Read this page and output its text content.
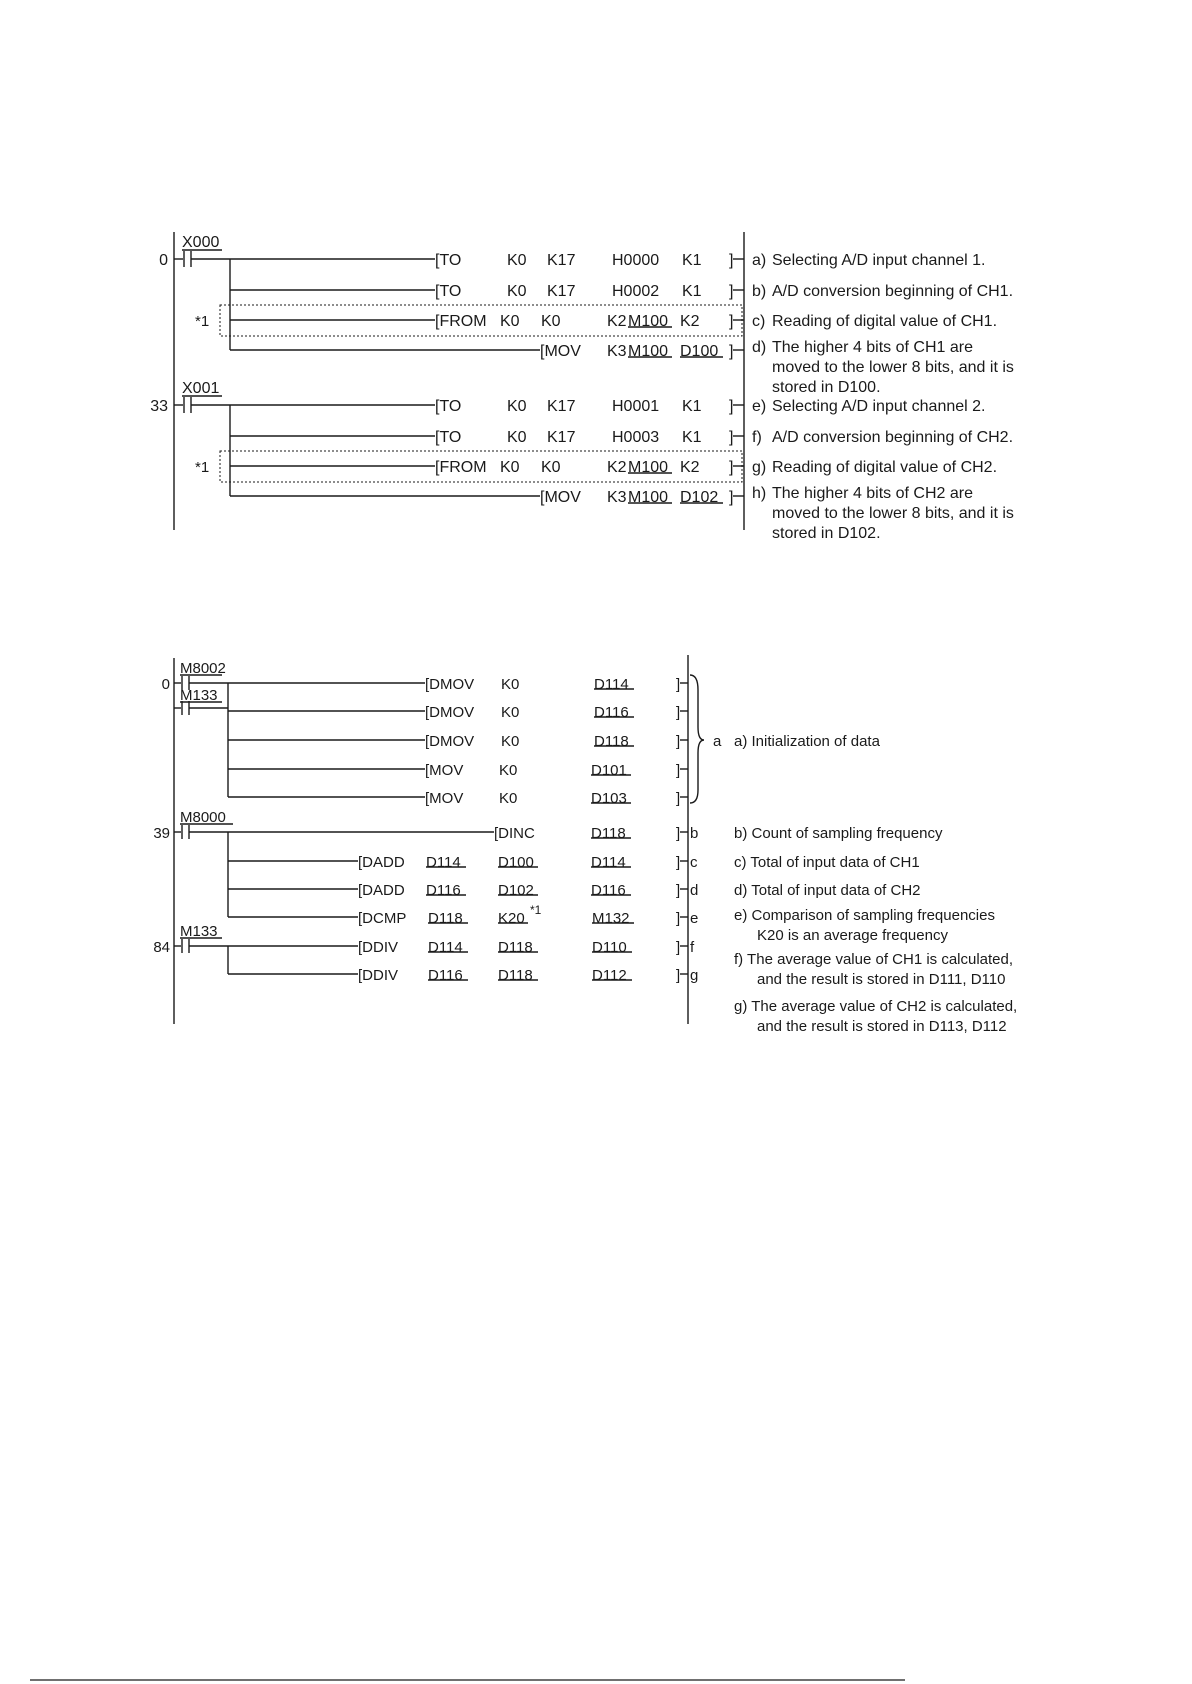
0
X000
[TO	K0 K17 H0000 K1 ]
[TO	K0 K17 H0002 K1 ]
*1	[FROM K0 K0	K2 M100 K2 ]
[MOV K3 M100 D100 ]
33
X001
[TO	K0 K17 H0001 K1 ]
[TO	K0 K17 H0003 K1 ]
*1	[FROM K0 K0	K2 M100 K2 ]
[MOV K3 M100 D102 ]
a) Selecting A/D input channel 1.
b) A/D conversion beginning of CH1.
c) Reading of digital value of CH1.
d) The higher 4 bits of CH1 are
moved to the lower 8 bits, and it is
stored in D100.
e) Selecting A/D input channel 2.
f) A/D conversion beginning of CH2.
g) Reading of digital value of CH2.
h) The higher 4 bits of CH2 are
moved to the lower 8 bits, and it is
stored in D102.
0
M8002
M133
[DMOV K0	D114	]
[DMOV K0	D116	]
[DMOV K0	D118	]
[MOV K0	D101	]
[MOV K0	D103	]
a a) Initialization of data
39
M8000
[DINC	D118	] b b) Count of sampling frequency
[DADD D114 D100	D114	] c c) Total of input data of CH1
[DADD D116 D102	D116	] d d) Total of input data of CH2
[DCMP D118 K20 *1	M132	] e e) Comparison of sampling frequencies
K20 is an average frequency
84
M133
[DDIV D114 D118	D110	] f
f) The average value of CH1 is calculated,
and the result is stored in D111, D110
[DDIV D116 D118	D112	] g
g) The average value of CH2 is calculated,
and the result is stored in D113, D112
